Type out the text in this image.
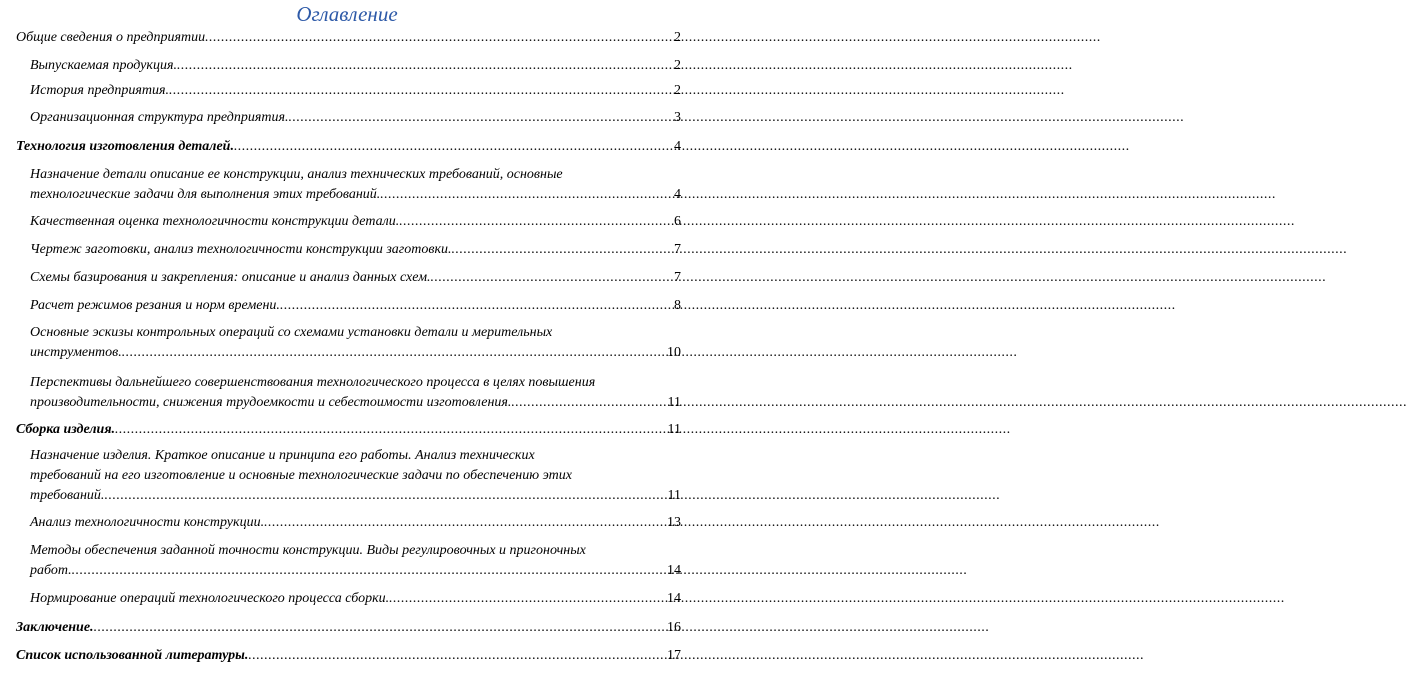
Оглавление
Общие сведения о предприятии .....	2
Выпускаемая продукция. .....	2
История предприятия. .....	2
Организационная структура предприятия. .....	3
Технология изготовления деталей. .....	4
Назначение детали описание ее конструкции, анализ технических требований, основные
технологические задачи для выполнения этих требований. .....	4
Качественная оценка технологичности конструкции детали. .....	6
Чертеж заготовки, анализ технологичности конструкции заготовки. .....	7
Схемы базирования и закрепления: описание и анализ данных схем. .....	7
Расчет режимов резания и норм времени. .....	8
Основные эскизы контрольных операций со схемами установки детали и мерительных
инструментов. .....	10
Перспективы дальнейшего совершенствования технологического процесса в целях повышения
производительности, снижения трудоемкости и себестоимости изготовления. .....	11
Сборка изделия. .....	11
Назначение изделия. Краткое описание и принципа его работы. Анализ технических
требований на его изготовление и основные технологические задачи по обеспечению этих
требований. .....	11
Анализ технологичности конструкции. .....	13
Методы обеспечения заданной точности конструкции. Виды регулировочных и пригоночных
работ. .....	14
Нормирование операций технологического процесса сборки. .....	14
Заключение. .....	16
Список использованной литературы. .....	17
